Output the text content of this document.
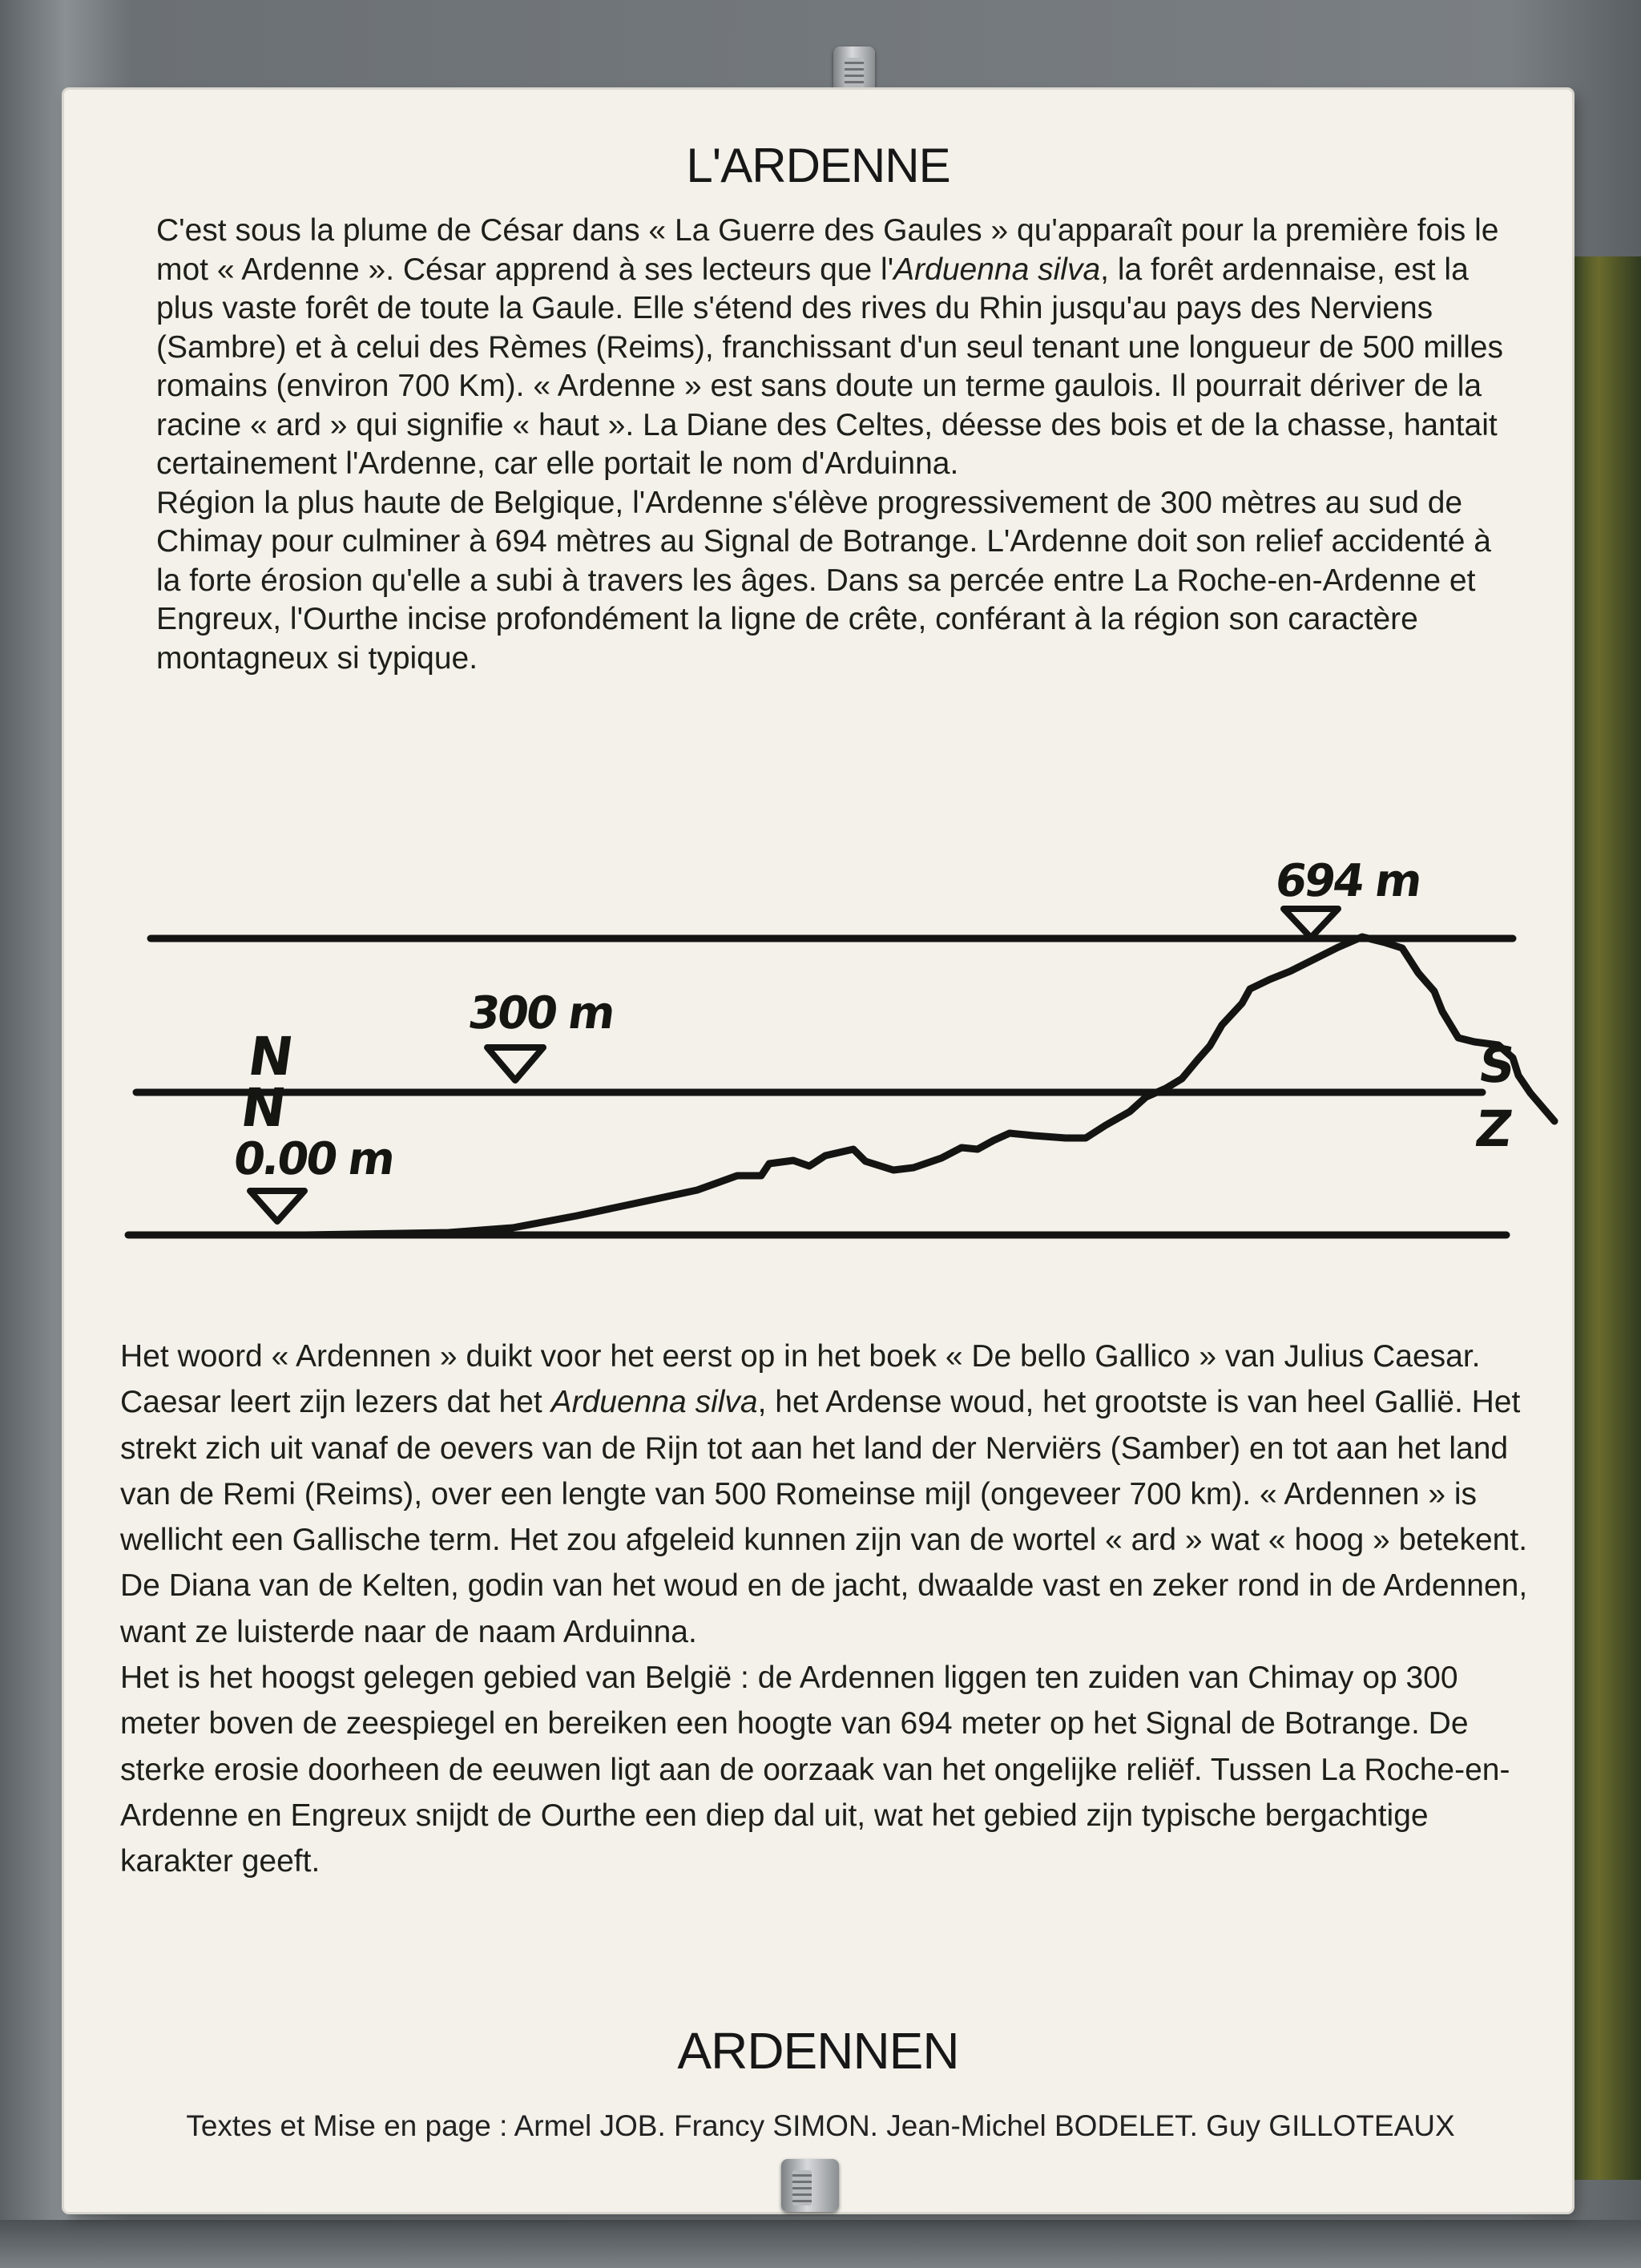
L'ARDENNE

C'est sous la plume de César dans « La Guerre des Gaules » qu'apparaît pour la première fois le mot « Ardenne ». César apprend à ses lecteurs que l'Arduenna silva, la forêt ardennaise, est la plus vaste forêt de toute la Gaule. Elle s'étend des rives du Rhin jusqu'au pays des Nerviens (Sambre) et à celui des Rèmes (Reims), franchissant d'un seul tenant une longueur de 500 milles romains (environ 700 Km). « Ardenne » est sans doute un terme gaulois. Il pourrait dériver de la racine « ard » qui signifie « haut ». La Diane des Celtes, déesse des bois et de la chasse, hantait certainement l'Ardenne, car elle portait le nom d'Arduinna.

Région la plus haute de Belgique, l'Ardenne s'élève progressivement de 300 mètres au sud de Chimay pour culminer à 694 mètres au Signal de Botrange. L'Ardenne doit son relief accidenté à la forte érosion qu'elle a subi à travers les âges. Dans sa percée entre La Roche-en-Ardenne et Engreux, l'Ourthe incise profondément la ligne de crête, conférant à la région son caractère montagneux si typique.

694 m
300 m
0.00 m
N
N
S
Z

Het woord « Ardennen » duikt voor het eerst op in het boek « De bello Gallico » van Julius Caesar. Caesar leert zijn lezers dat het Arduenna silva, het Ardense woud, het grootste is van heel Gallië. Het strekt zich uit vanaf de oevers van de Rijn tot aan het land der Nerviërs (Samber) en tot aan het land van de Remi (Reims), over een lengte van 500 Romeinse mijl (ongeveer 700 km). « Ardennen » is wellicht een Gallische term. Het zou afgeleid kunnen zijn van de wortel « ard » wat « hoog » betekent. De Diana van de Kelten, godin van het woud en de jacht, dwaalde vast en zeker rond in de Ardennen, want ze luisterde naar de naam Arduinna.

Het is het hoogst gelegen gebied van België : de Ardennen liggen ten zuiden van Chimay op 300 meter boven de zeespiegel en bereiken een hoogte van 694 meter op het Signal de Botrange. De sterke erosie doorheen de eeuwen ligt aan de oorzaak van het ongelijke reliëf. Tussen La Roche-en-Ardenne en Engreux snijdt de Ourthe een diep dal uit, wat het gebied zijn typische bergachtige karakter geeft.

ARDENNEN
Textes et Mise en page : Armel JOB. Francy SIMON. Jean-Michel BODELET. Guy GILLOTEAUX
